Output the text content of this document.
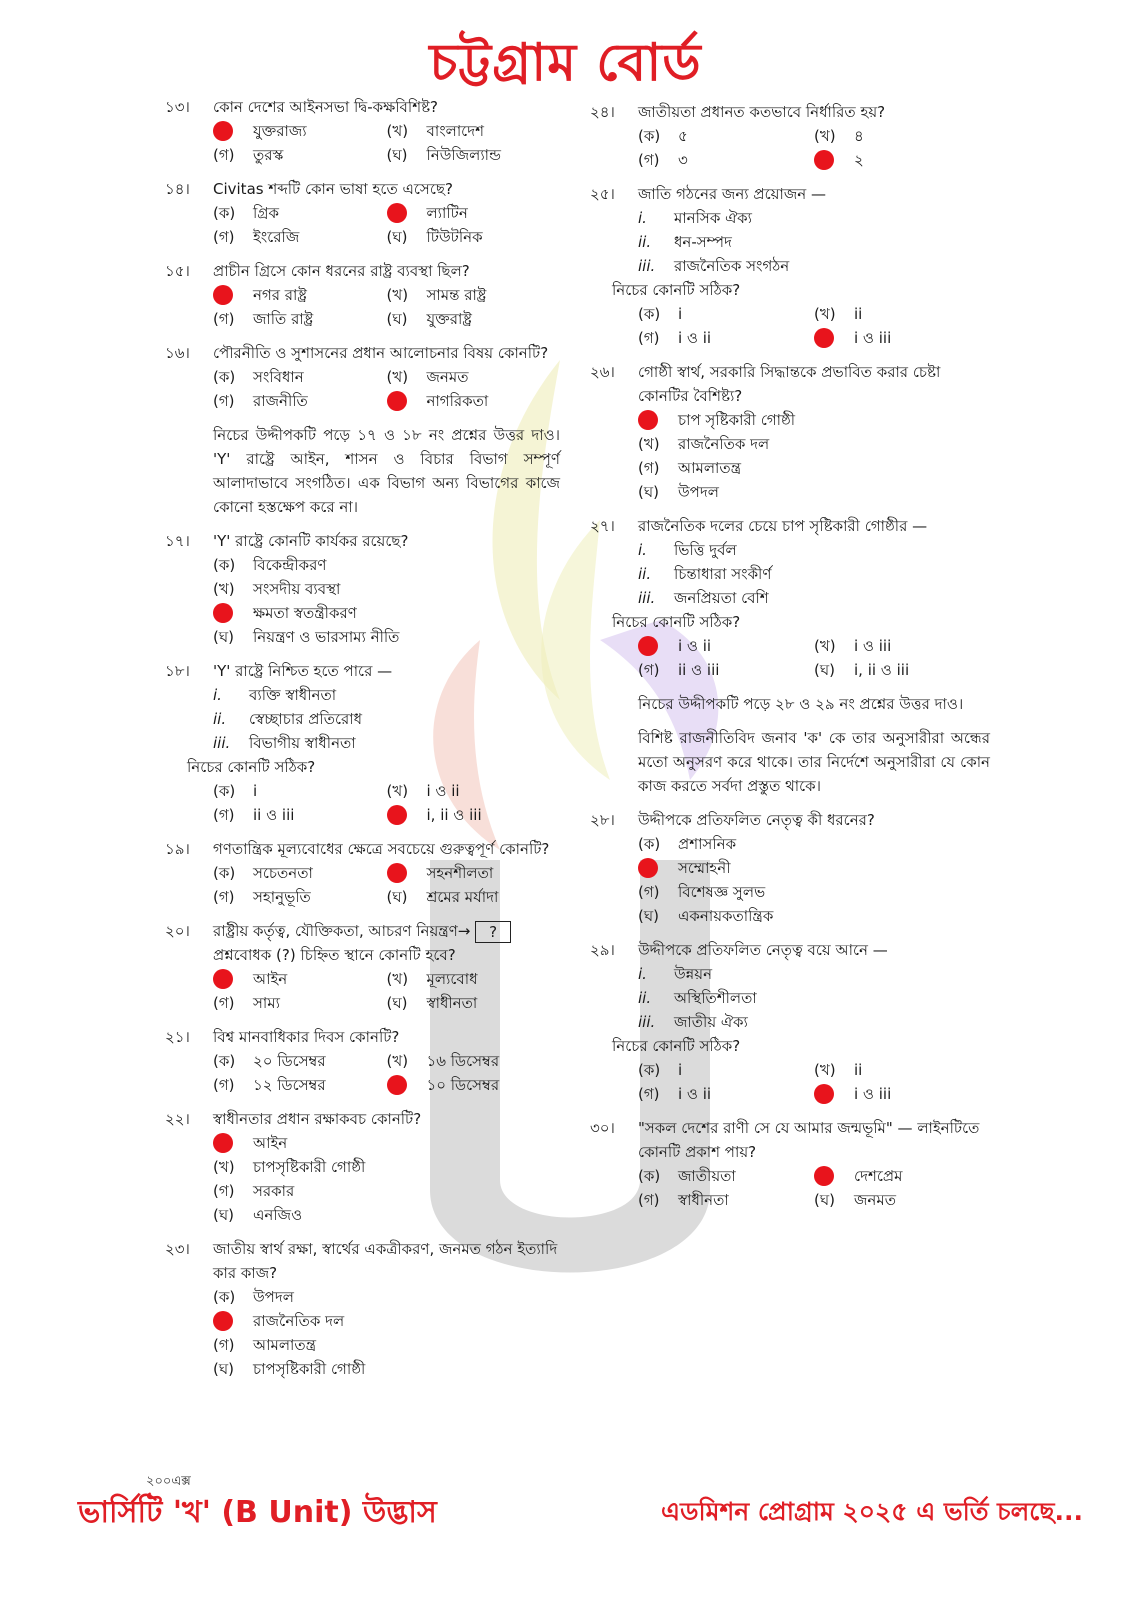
চট্টগ্রাম বোর্ড
১৩।	কোন দেশের আইনসভা দ্বি-কক্ষবিশিষ্ট?
যুক্তরাজ্য	(খ) বাংলাদেশ
(গ) তুরস্ক	(ঘ)	নিউজিল্যান্ড
১৪।	Civitas শব্দটি কোন ভাষা হতে এসেছে?
(ক) গ্রিক	ল্যাটিন
(গ) ইংরেজি	(ঘ)	টিউটনিক
১৫।	প্রাচীন গ্রিসে কোন ধরনের রাষ্ট্র ব্যবস্থা ছিল?
নগর রাষ্ট্র	(খ) সামন্ত রাষ্ট্র
(গ) জাতি রাষ্ট্র	(ঘ)	যুক্তরাষ্ট্র
১৬।	পৌরনীতি ও সুশাসনের প্রধান আলোচনার বিষয় কোনটি?
(ক) সংবিধান	(খ) জনমত
(গ) রাজনীতি	নাগরিকতা
নিচের উদ্দীপকটি পড়ে ১৭ ও ১৮ নং প্রশ্নের উত্তর দাও। 'Y' রাষ্ট্রে আইন, শাসন ও বিচার বিভাগ সম্পূর্ণ আলাদাভাবে সংগঠিত। এক বিভাগ অন্য বিভাগের কাজে কোনো হস্তক্ষেপ করে না।
১৭।	'Y' রাষ্ট্রে কোনটি কার্যকর রয়েছে?
(ক) বিকেন্দ্রীকরণ
(খ) সংসদীয় ব্যবস্থা
ক্ষমতা স্বতন্ত্রীকরণ
(ঘ)	নিয়ন্ত্রণ ও ভারসাম্য নীতি
১৮।	'Y' রাষ্ট্রে নিশ্চিত হতে পারে —
i.	ব্যক্তি স্বাধীনতা
ii.	স্বেচ্ছাচার প্রতিরোধ
iii.	বিভাগীয় স্বাধীনতা
নিচের কোনটি সঠিক?
(ক) i	(খ) i ও ii
(গ) ii ও iii	i, ii ও iii
১৯।	গণতান্ত্রিক মূল্যবোধের ক্ষেত্রে সবচেয়ে গুরুত্বপূর্ণ কোনটি?
(ক) সচেতনতা	সহনশীলতা
(গ) সহানুভূতি	(ঘ)	শ্রমের মর্যাদা
২০।	রাষ্ট্রীয় কর্তৃত্ব, যৌক্তিকতা, আচরণ নিয়ন্ত্রণ→ ?
প্রশ্নবোধক (?) চিহ্নিত স্থানে কোনটি হবে?
আইন	(খ) মূল্যবোধ
(গ) সাম্য	(ঘ)	স্বাধীনতা
২১।	বিশ্ব মানবাধিকার দিবস কোনটি?
(ক) ২০ ডিসেম্বর	(খ) ১৬ ডিসেম্বর
(গ) ১২ ডিসেম্বর	১০ ডিসেম্বর
২২।	স্বাধীনতার প্রধান রক্ষাকবচ কোনটি?
আইন
(খ) চাপসৃষ্টিকারী গোষ্ঠী
(গ) সরকার
(ঘ)	এনজিও
২৩।	জাতীয় স্বার্থ রক্ষা, স্বার্থের একত্রীকরণ, জনমত গঠন ইত্যাদি কার কাজ?
(ক) উপদল
রাজনৈতিক দল
(গ) আমলাতন্ত্র
(ঘ)	চাপসৃষ্টিকারী গোষ্ঠী
২৪।	জাতীয়তা প্রধানত কতভাবে নির্ধারিত হয়?
(ক) ৫	(খ) ৪
(গ) ৩	২
২৫।	জাতি গঠনের জন্য প্রয়োজন —
i.	মানসিক ঐক্য
ii.	ধন-সম্পদ
iii.	রাজনৈতিক সংগঠন
নিচের কোনটি সঠিক?
(ক) i	(খ) ii
(গ) i ও ii	i ও iii
২৬।	গোষ্ঠী স্বার্থ, সরকারি সিদ্ধান্তকে প্রভাবিত করার চেষ্টা কোনটির বৈশিষ্ট্য?
চাপ সৃষ্টিকারী গোষ্ঠী
(খ) রাজনৈতিক দল
(গ) আমলাতন্ত্র
(ঘ)	উপদল
২৭।	রাজনৈতিক দলের চেয়ে চাপ সৃষ্টিকারী গোষ্ঠীর —
i.	ভিত্তি দুর্বল
ii.	চিন্তাধারা সংকীর্ণ
iii.	জনপ্রিয়তা বেশি
নিচের কোনটি সঠিক?
i ও ii	(খ) i ও iii
(গ) ii ও iii	(ঘ)	i, ii ও iii
নিচের উদ্দীপকটি পড়ে ২৮ ও ২৯ নং প্রশ্নের উত্তর দাও।
বিশিষ্ট রাজনীতিবিদ জনাব 'ক' কে তার অনুসারীরা অন্ধের মতো অনুসরণ করে থাকে। তার নির্দেশে অনুসারীরা যে কোন কাজ করতে সর্বদা প্রস্তুত থাকে।
২৮।	উদ্দীপকে প্রতিফলিত নেতৃত্ব কী ধরনের?
(ক) প্রশাসনিক
সম্মোহনী
(গ) বিশেষজ্ঞ সুলভ
(ঘ)	একনায়কতান্ত্রিক
২৯।	উদ্দীপকে প্রতিফলিত নেতৃত্ব বয়ে আনে —
i.	উন্নয়ন
ii.	অস্থিতিশীলতা
iii.	জাতীয় ঐক্য
নিচের কোনটি সঠিক?
(ক) i	(খ) ii
(গ) i ও ii	i ও iii
৩০।	"সকল দেশের রাণী সে যে আমার জন্মভূমি" — লাইনটিতে কোনটি প্রকাশ পায়?
(ক) জাতীয়তা	দেশপ্রেম
(গ) স্বাধীনতা	(ঘ)	জনমত
২০০এক্স
ভার্সিটি 'খ' (B Unit) উদ্ভাস	এডমিশন প্রোগ্রাম ২০২৫ এ ভর্তি চলছে...
